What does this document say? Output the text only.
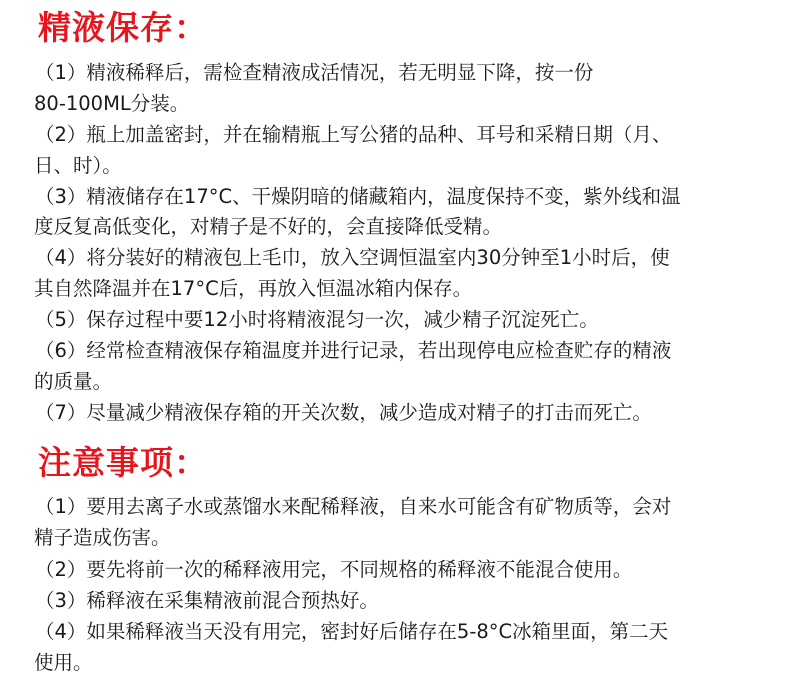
精液保存：

（1）精液稀释后，需检查精液成活情况，若无明显下降，按一份

80-100ML分装。

（2）瓶上加盖密封，并在输精瓶上写公猪的品种、耳号和采精日期（月、

日、时）。

（3）精液储存在17°C、干燥阴暗的储藏箱内，温度保持不变，紫外线和温

度反复高低变化，对精子是不好的，会直接降低受精。

（4）将分装好的精液包上毛巾，放入空调恒温室内30分钟至1小时后，使

其自然降温并在17°C后，再放入恒温冰箱内保存。

（5）保存过程中要12小时将精液混匀一次，减少精子沉淀死亡。

（6）经常检查精液保存箱温度并进行记录，若出现停电应检查贮存的精液

的质量。

（7）尽量减少精液保存箱的开关次数，减少造成对精子的打击而死亡。

注意事项：

（1）要用去离子水或蒸馏水来配稀释液，自来水可能含有矿物质等，会对

精子造成伤害。

（2）要先将前一次的稀释液用完，不同规格的稀释液不能混合使用。

（3）稀释液在采集精液前混合预热好。

（4）如果稀释液当天没有用完，密封好后储存在5-8°C冰箱里面，第二天

使用。
